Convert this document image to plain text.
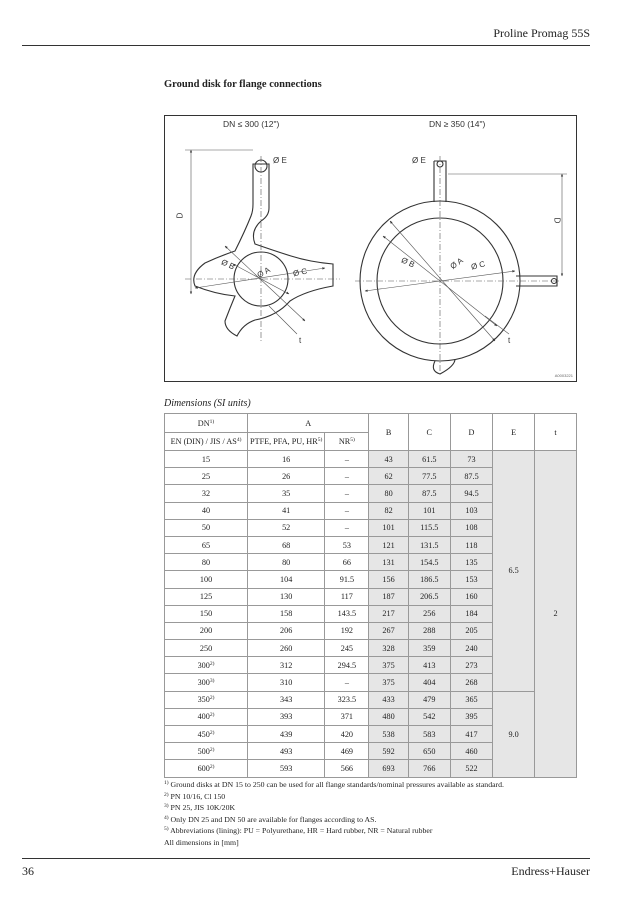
Proline Promag 55S
Ground disk for flange connections
DN ≤ 300 (12")	DN ≥ 350 (14")
Ø E	Ø E
D
D
Ø B
Ø A	Ø C
Ø B	Ø A Ø C
t	t
A0003221
Dimensions (SI units)
DN$^{1)}$	A		B	C	D	E	t
EN (DIN) / JIS / AS$^{4)}$	PTFE, PFA, PU, HR$^{5)}$	NR$^{5)}$
15	16	–	43	61.5	73	6.5	2
25	26	–	62	77.5	87.5		
32	35	–	80	87.5	94.5		
40	41	–	82	101	103		
50	52	–	101	115.5	108		
65	68	53	121	131.5	118		
80	80	66	131	154.5	135		
100	104	91.5	156	186.5	153		
125	130	117	187	206.5	160		
150	158	143.5	217	256	184		
200	206	192	267	288	205		
250	260	245	328	359	240		
300$^{2)}$	312	294.5	375	413	273		
300$^{3)}$	310	–	375	404	268		
350$^{2)}$	343	323.5	433	479	365	9.0	
400$^{2)}$	393	371	480	542	395		
450$^{2)}$	439	420	538	583	417		
500$^{2)}$	493	469	592	650	460		
600$^{2)}$	593	566	693	766	522		
$^{1)}$ Ground disks at DN 15 to 250 can be used for all flange standards/nominal pressures available as standard.
$^{2)}$ PN 10/16, Cl 150
$^{3)}$ PN 25, JIS 10K/20K
$^{4)}$ Only DN 25 and DN 50 are available for flanges according to AS.
$^{5)}$ Abbreviations (lining): PU = Polyurethane, HR = Hard rubber, NR = Natural rubber
All dimensions in [mm]
36	Endress+Hauser
